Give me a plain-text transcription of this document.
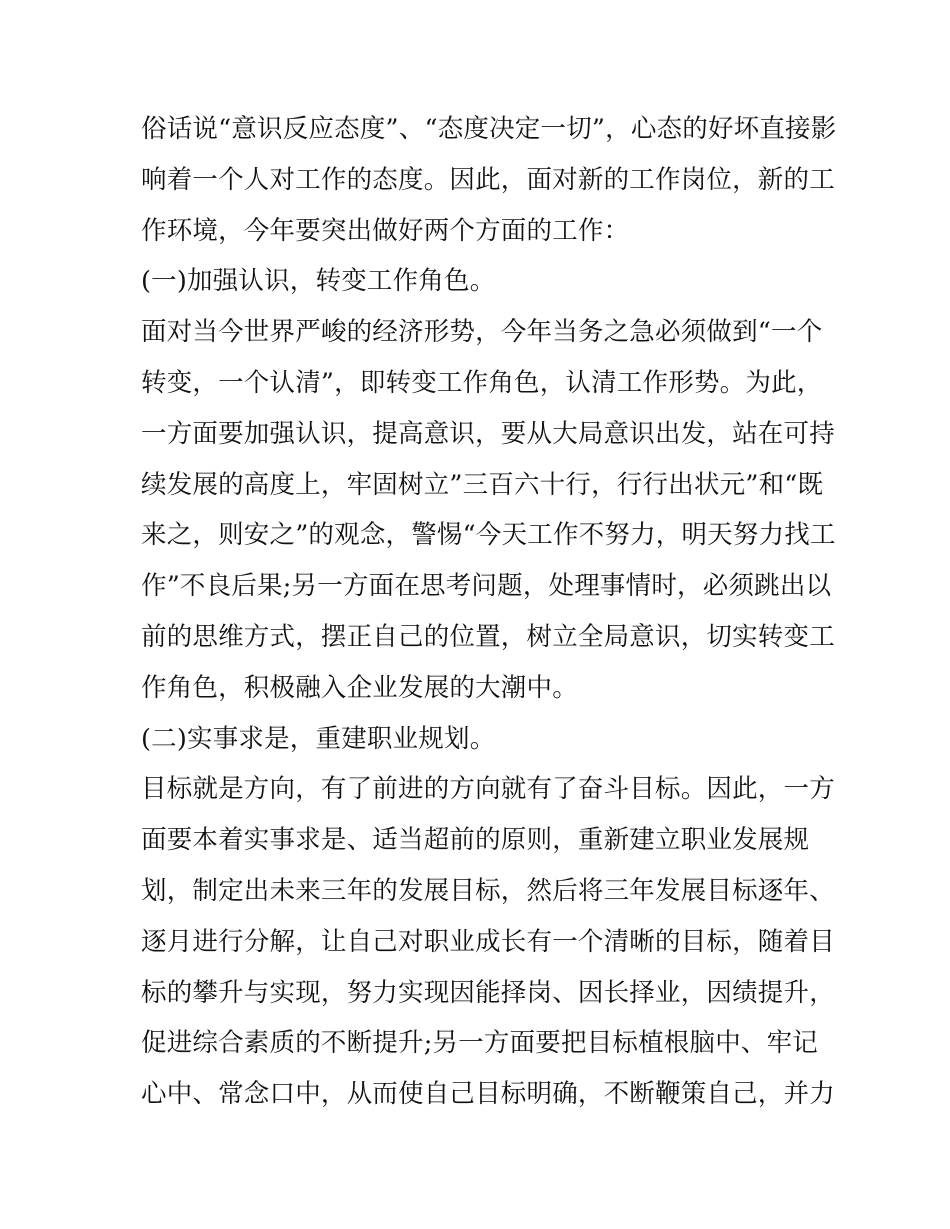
俗话说“意识反应态度”、“态度决定一切”，心态的好坏直接影
响着一个人对工作的态度。因此，面对新的工作岗位，新的工
作环境，今年要突出做好两个方面的工作：
(一)加强认识，转变工作角色。
面对当今世界严峻的经济形势，今年当务之急必须做到“一个
转变，一个认清”，即转变工作角色，认清工作形势。为此，
一方面要加强认识，提高意识，要从大局意识出发，站在可持
续发展的高度上，牢固树立”三百六十行，行行出状元”和“既
来之，则安之”的观念，警惕“今天工作不努力，明天努力找工
作”不良后果;另一方面在思考问题，处理事情时，必须跳出以
前的思维方式，摆正自己的位置，树立全局意识，切实转变工
作角色，积极融入企业发展的大潮中。
(二)实事求是，重建职业规划。
目标就是方向，有了前进的方向就有了奋斗目标。因此，一方
面要本着实事求是、适当超前的原则，重新建立职业发展规
划，制定出未来三年的发展目标，然后将三年发展目标逐年、
逐月进行分解，让自己对职业成长有一个清晰的目标，随着目
标的攀升与实现，努力实现因能择岗、因长择业，因绩提升，
促进综合素质的不断提升;另一方面要把目标植根脑中、牢记
心中、常念口中，从而使自己目标明确，不断鞭策自己，并力
